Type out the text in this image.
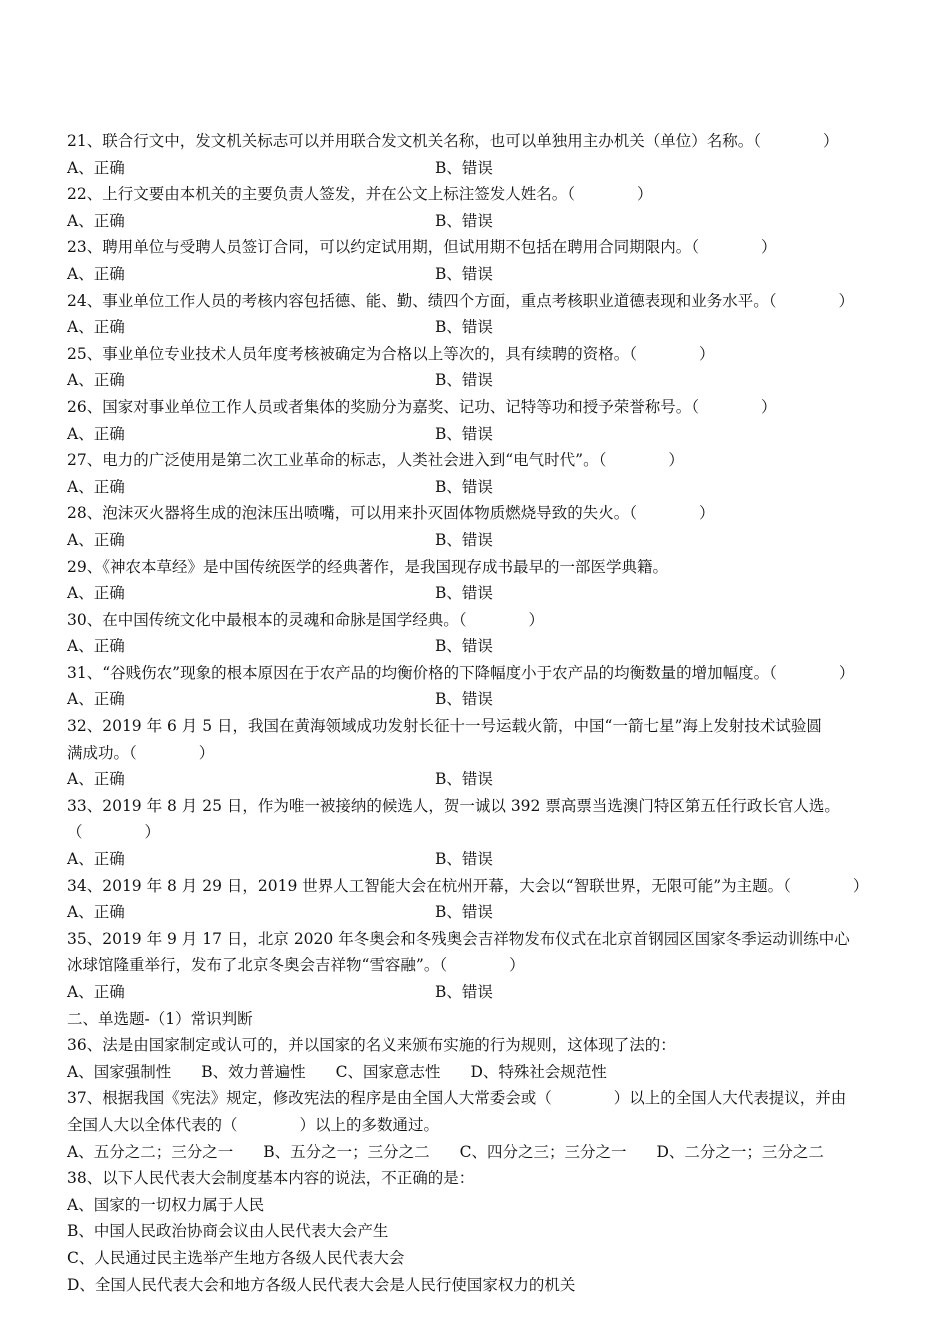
21、联合行文中，发文机关标志可以并用联合发文机关名称，也可以单独用主办机关（单位）名称。（　　　　）
A、正确	B、错误
22、上行文要由本机关的主要负责人签发，并在公文上标注签发人姓名。（　　　　）
A、正确	B、错误
23、聘用单位与受聘人员签订合同，可以约定试用期，但试用期不包括在聘用合同期限内。（　　　　）
A、正确	B、错误
24、事业单位工作人员的考核内容包括德、能、勤、绩四个方面，重点考核职业道德表现和业务水平。（　　　　）
A、正确	B、错误
25、事业单位专业技术人员年度考核被确定为合格以上等次的，具有续聘的资格。（　　　　）
A、正确	B、错误
26、国家对事业单位工作人员或者集体的奖励分为嘉奖、记功、记特等功和授予荣誉称号。（　　　　）
A、正确	B、错误
27、电力的广泛使用是第二次工业革命的标志，人类社会进入到“电气时代”。（　　　　）
A、正确	B、错误
28、泡沫灭火器将生成的泡沫压出喷嘴，可以用来扑灭固体物质燃烧导致的失火。（　　　　）
A、正确	B、错误
29、《神农本草经》是中国传统医学的经典著作，是我国现存成书最早的一部医学典籍。
A、正确	B、错误
30、在中国传统文化中最根本的灵魂和命脉是国学经典。（　　　　）
A、正确	B、错误
31、“谷贱伤农”现象的根本原因在于农产品的均衡价格的下降幅度小于农产品的均衡数量的增加幅度。（　　　　）
A、正确	B、错误
32、2019 年 6 月 5 日，我国在黄海领域成功发射长征十一号运载火箭，中国“一箭七星”海上发射技术试验圆
满成功。（　　　　）
A、正确	B、错误
33、2019 年 8 月 25 日，作为唯一被接纳的候选人，贺一诚以 392 票高票当选澳门特区第五任行政长官人选。
（　　　　）
A、正确	B、错误
34、2019 年 8 月 29 日，2019 世界人工智能大会在杭州开幕，大会以“智联世界，无限可能”为主题。（　　　　）
A、正确	B、错误
35、2019 年 9 月 17 日，北京 2020 年冬奥会和冬残奥会吉祥物发布仪式在北京首钢园区国家冬季运动训练中心
冰球馆隆重举行，发布了北京冬奥会吉祥物“雪容融”。（　　　　）
A、正确	B、错误
二、单选题-（1）常识判断
36、法是由国家制定或认可的，并以国家的名义来颁布实施的行为规则，这体现了法的：
A、国家强制性 B、效力普遍性 C、国家意志性 D、特殊社会规范性
37、根据我国《宪法》规定，修改宪法的程序是由全国人大常委会或（　　　　）以上的全国人大代表提议，并由
全国人大以全体代表的（　　　　）以上的多数通过。
A、五分之二；三分之一 B、五分之一；三分之二 C、四分之三；三分之一 D、二分之一；三分之二
38、以下人民代表大会制度基本内容的说法，不正确的是：
A、国家的一切权力属于人民
B、中国人民政治协商会议由人民代表大会产生
C、人民通过民主选举产生地方各级人民代表大会
D、全国人民代表大会和地方各级人民代表大会是人民行使国家权力的机关
